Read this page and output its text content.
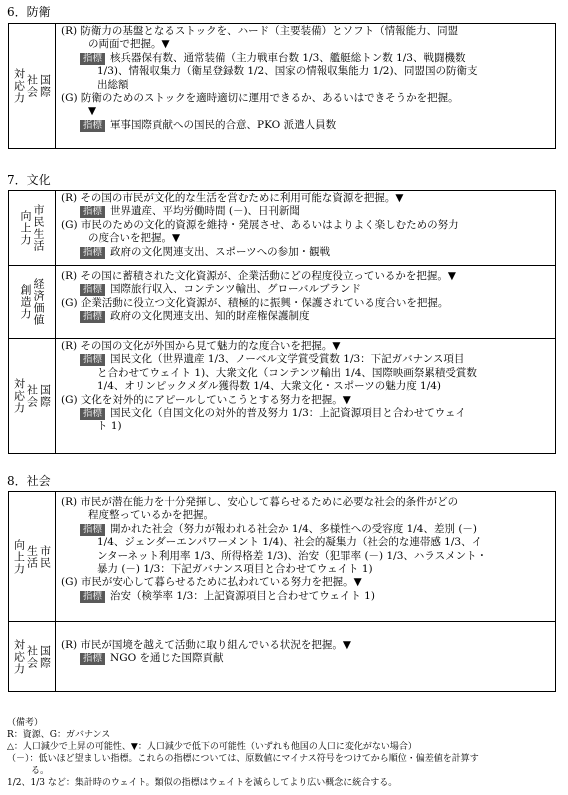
6．防衛
国際
社会
対応力
(R) 防衛力の基盤となるストックを、ハード（主要装備）とソフト（情報能力、同盟
の両面で把握。▼
指標 核兵器保有数、通常装備（主力戦車台数 1/3、艦艇総トン数 1/3、戦闘機数
1/3)、情報収集力（衛星登録数 1/2、国家の情報収集能力 1/2)、同盟国の防衛支
出総額
(G) 防衛のためのストックを適時適切に運用できるか、あるいはできそうかを把握。
▼
指標 軍事国際貢献への国民的合意、PKO 派遣人員数
7．文化
市民生活
向上力
(R) その国の市民が文化的な生活を営むために利用可能な資源を把握。▼
指標 世界遺産、平均労働時間 (－)、日刊新聞
(G) 市民のための文化的資源を維持・発展させ、あるいはよりよく楽しむための努力
の度合いを把握。▼
指標 政府の文化関連支出、スポーツへの参加・観戦
経済価値
創造力
(R) その国に蓄積された文化資源が、企業活動にどの程度役立っているかを把握。▼
指標 国際旅行収入、コンテンツ輸出、グローバルブランド
(G) 企業活動に役立つ文化資源が、積極的に振興・保護されている度合いを把握。
指標 政府の文化関連支出、知的財産権保護制度
国際
社会
対応力
(R) その国の文化が外国から見て魅力的な度合いを把握。▼
指標 国民文化（世界遺産 1/3、ノーベル文学賞受賞数 1/3：下記ガバナンス項目
と合わせてウェイト 1)、大衆文化（コンテンツ輸出 1/4、国際映画祭累積受賞数
1/4、オリンピックメダル獲得数 1/4、大衆文化・スポーツの魅力度 1/4)
(G) 文化を対外的にアピールしていこうとする努力を把握。▼
指標 国民文化（自国文化の対外的普及努力 1/3：上記資源項目と合わせてウェイ
ト 1)
8．社会
市民
生活
向上力
(R) 市民が潜在能力を十分発揮し、安心して暮らせるために必要な社会的条件がどの
程度整っているかを把握。
指標 開かれた社会（努力が報われる社会か 1/4、多様性への受容度 1/4、差別 (－)
1/4、ジェンダーエンパワーメント 1/4)、社会的凝集力（社会的な連帯感 1/3、イ
ンターネット利用率 1/3、所得格差 1/3)、治安（犯罪率 (－) 1/3、ハラスメント・
暴力 (－) 1/3：下記ガバナンス項目と合わせてウェイト 1)
(G) 市民が安心して暮らせるために払われている努力を把握。▼
指標 治安（検挙率 1/3：上記資源項目と合わせてウェイト 1)
国際
社会
対応力	(R) 市民が国境を越えて活動に取り組んでいる状況を把握。▼
指標 NGO を通じた国際貢献
（備考）
R：資源、G：ガバナンス
△：人口減少で上昇の可能性、▼：人口減少で低下の可能性（いずれも他国の人口に変化がない場合）
（－）：低いほど望ましい指標。これらの指標については、原数値にマイナス符号をつけてから順位・偏差値を計算す
る。
1/2、1/3 など：集計時のウェイト。類似の指標はウェイトを減らしてより広い概念に統合する。
